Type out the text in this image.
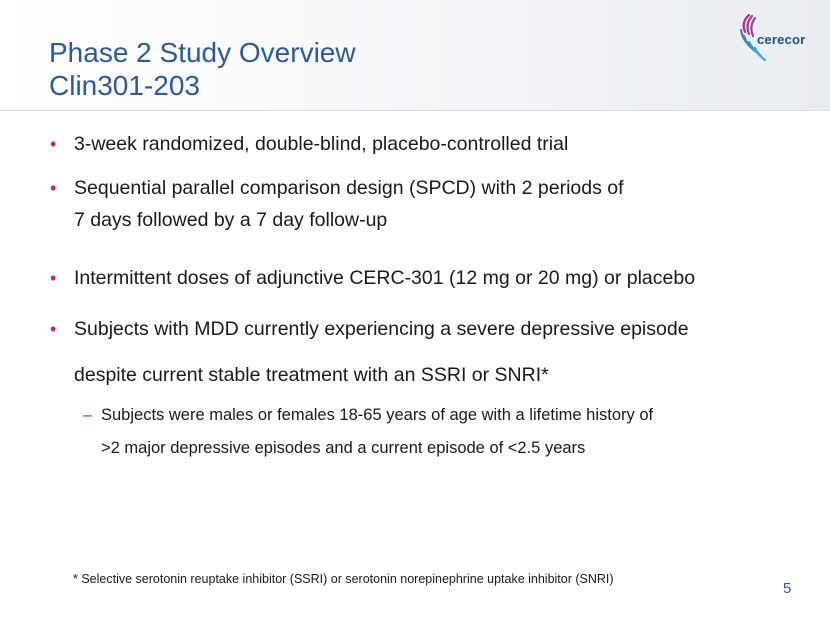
Phase 2 Study Overview
Clin301-203
cerecor
• 3-week randomized, double-blind, placebo-controlled trial
• Sequential parallel comparison design (SPCD) with 2 periods of
7 days followed by a 7 day follow-up
• Intermittent doses of adjunctive CERC-301 (12 mg or 20 mg) or placebo
• Subjects with MDD currently experiencing a severe depressive episode
despite current stable treatment with an SSRI or SNRI*
– Subjects were males or females 18-65 years of age with a lifetime history of
>2 major depressive episodes and a current episode of <2.5 years
* Selective serotonin reuptake inhibitor (SSRI) or serotonin norepinephrine uptake inhibitor (SNRI)
5
